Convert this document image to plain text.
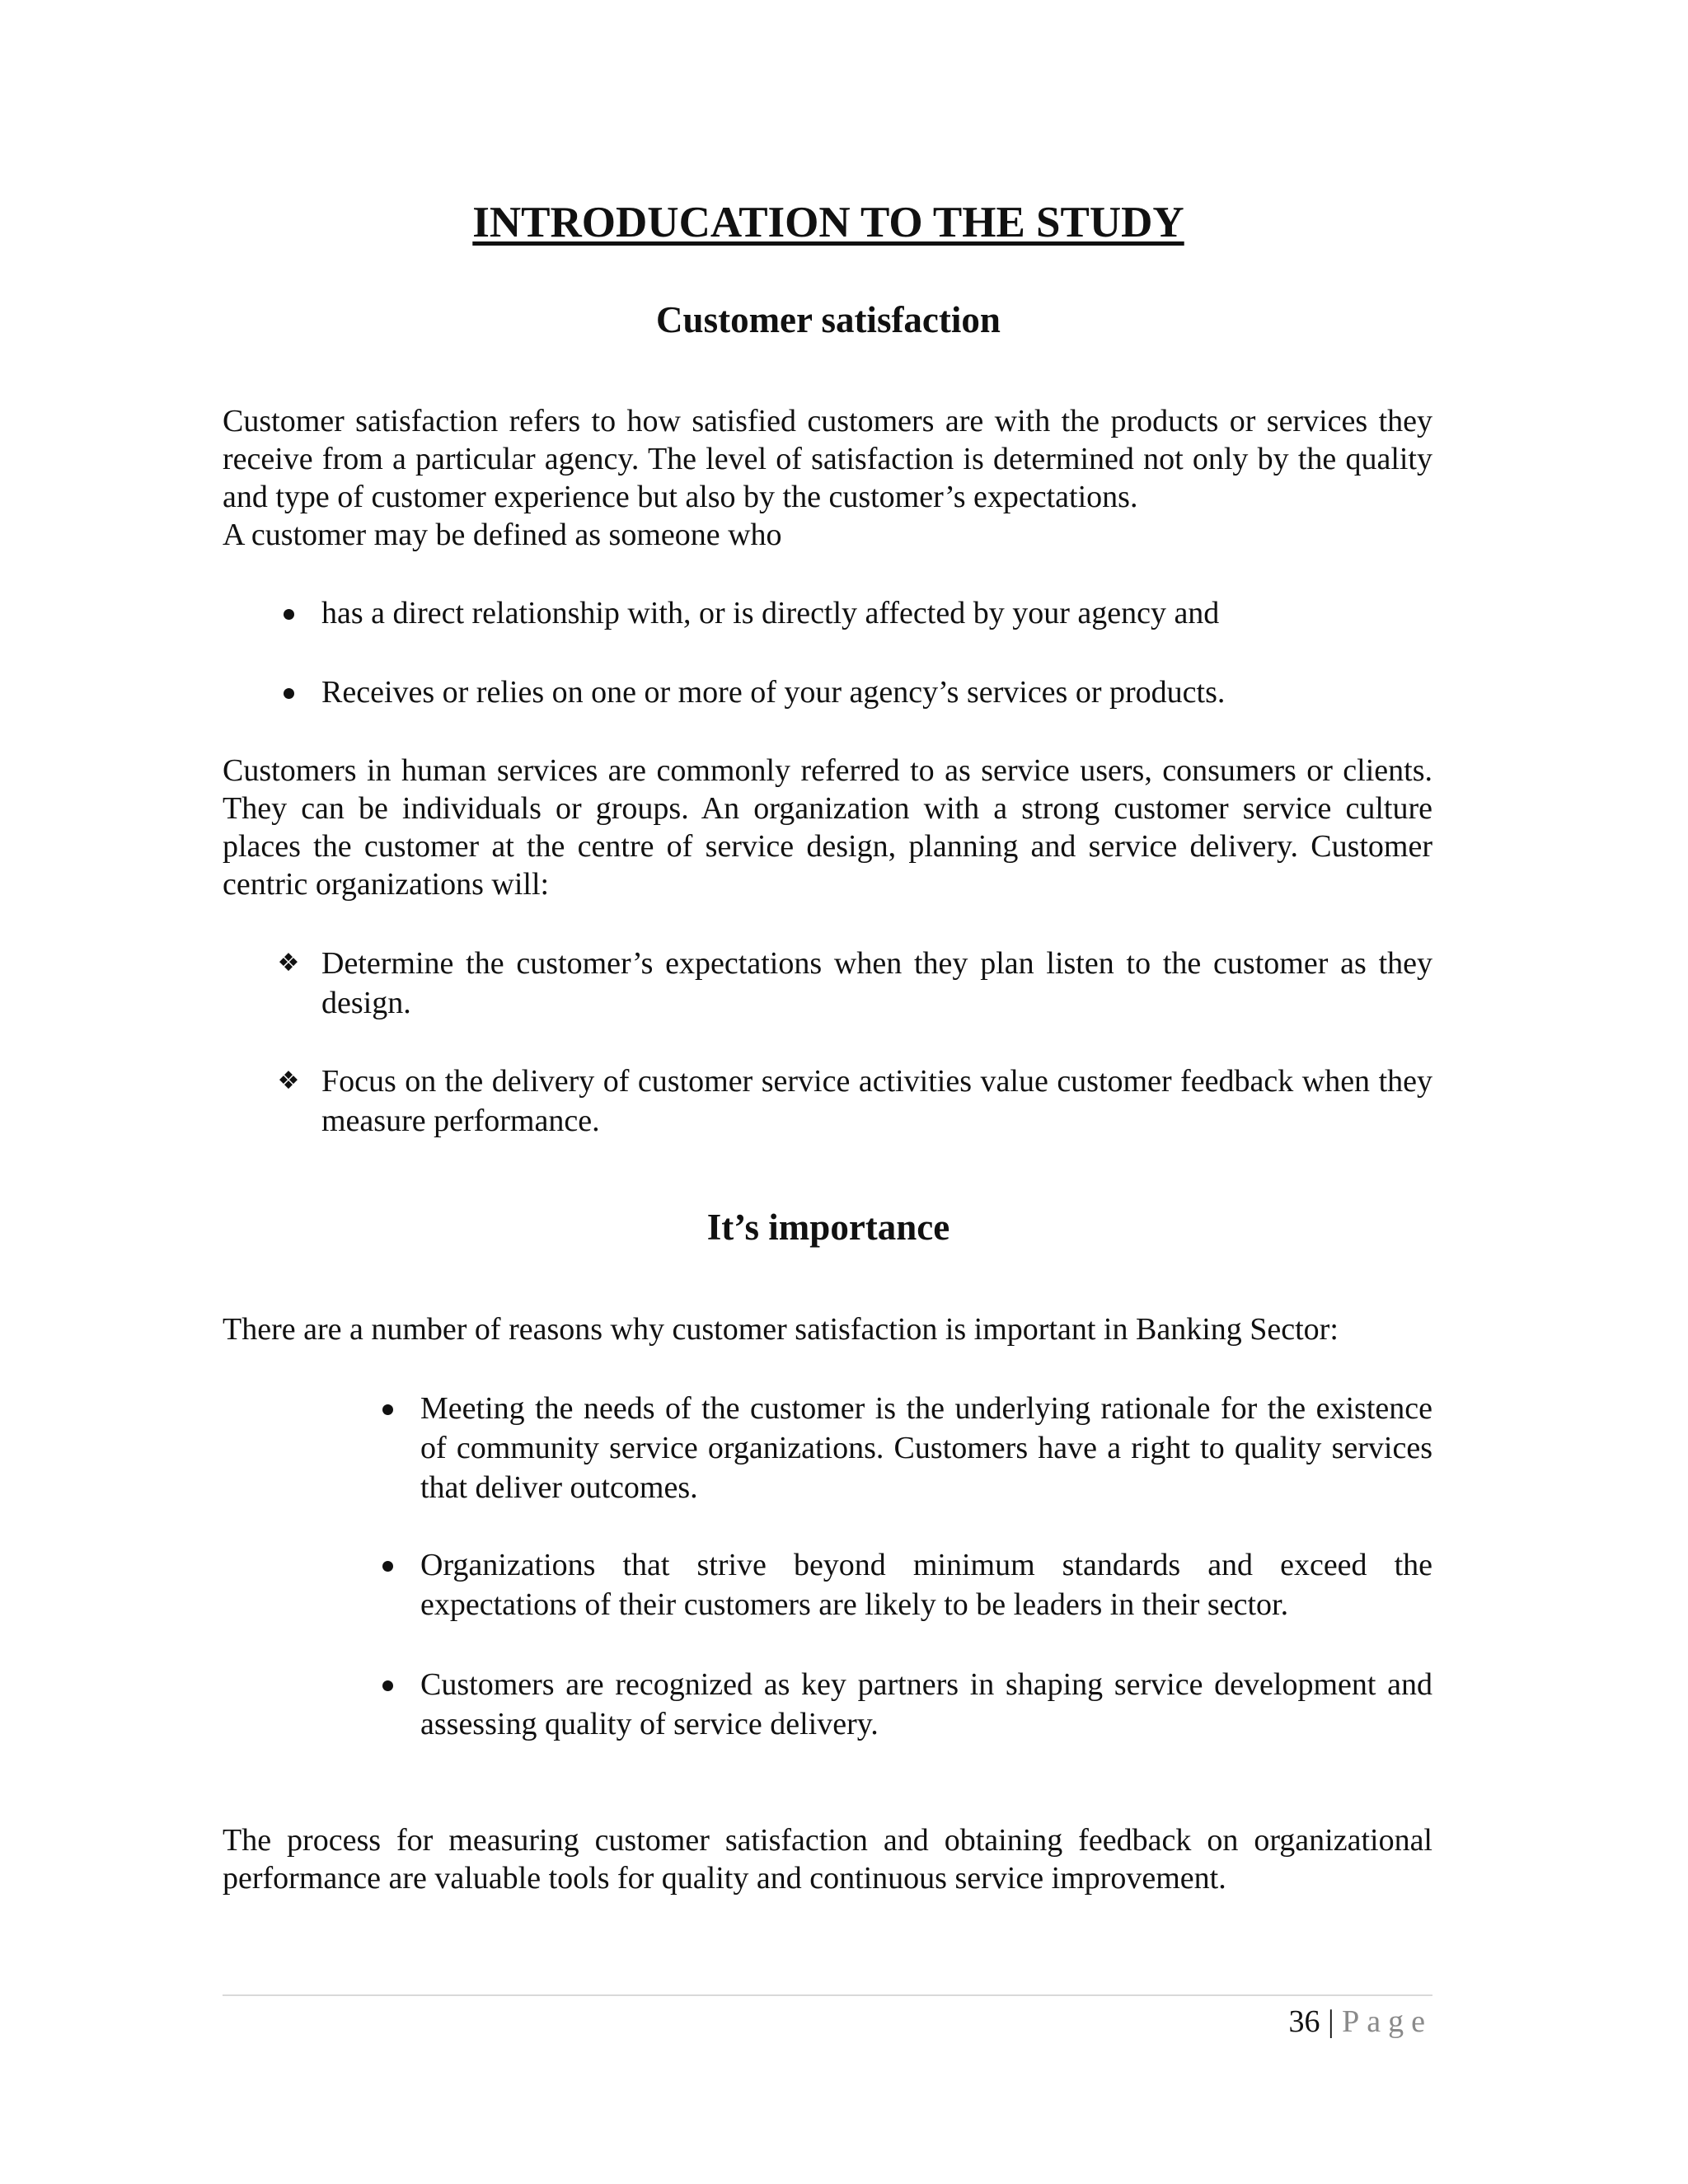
INTRODUCATION TO THE STUDY
Customer satisfaction

Customer satisfaction refers to how satisfied customers are with the products or services they receive from a particular agency. The level of satisfaction is determined not only by the quality and type of customer experience but also by the customer’s expectations.
A customer may be defined as someone who

has a direct relationship with, or is directly affected by your agency and
Receives or relies on one or more of your agency’s services or products.

Customers in human services are commonly referred to as service users, consumers or clients. They can be individuals or groups. An organization with a strong customer service culture places the customer at the centre of service design, planning and service delivery. Customer centric organizations will:

❖ Determine the customer’s expectations when they plan listen to the customer as they design.
❖ Focus on the delivery of customer service activities value customer feedback when they measure performance.
It’s importance

There are a number of reasons why customer satisfaction is important in Banking Sector:

Meeting the needs of the customer is the underlying rationale for the existence of community service organizations. Customers have a right to quality services that deliver outcomes.
Organizations that strive beyond minimum standards and exceed the expectations of their customers are likely to be leaders in their sector.
Customers are recognized as key partners in shaping service development and assessing quality of service delivery.

The process for measuring customer satisfaction and obtaining feedback on organizational performance are valuable tools for quality and continuous service improvement.

36 | Page
